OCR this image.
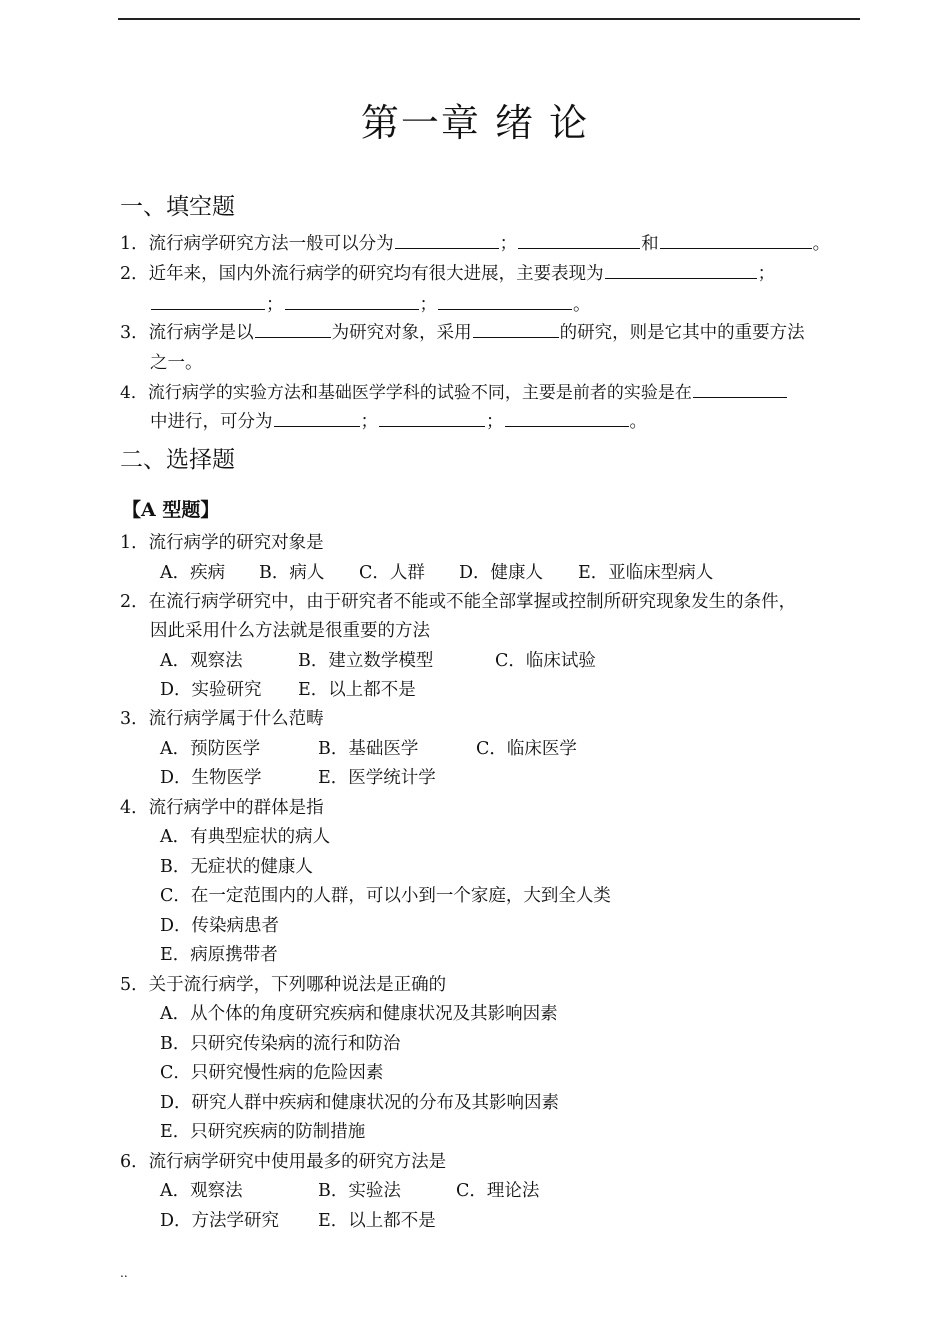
第一章 绪 论
一、填空题
1．流行病学研究方法一般可以分为	；	和	。
2．近年来，国内外流行病学的研究均有很大进展，主要表现为	；
；	；	。
3．流行病学是以	为研究对象，采用	的研究，则是它其中的重要方法
之一。
4．流行病学的实验方法和基础医学学科的试验不同，主要是前者的实验是在
中进行，可分为	；	；	。
二、选择题
【A 型题】
1．流行病学的研究对象是
A．疾病 B．病人 C．人群 D．健康人 E．亚临床型病人
2．在流行病学研究中，由于研究者不能或不能全部掌握或控制所研究现象发生的条件，
因此采用什么方法就是很重要的方法
A．观察法	B．建立数学模型	C．临床试验
D．实验研究 E．以上都不是
3．流行病学属于什么范畴
A．预防医学	B．基础医学	C．临床医学
D．生物医学	E．医学统计学
4．流行病学中的群体是指
A．有典型症状的病人
B．无症状的健康人
C．在一定范围内的人群，可以小到一个家庭，大到全人类
D．传染病患者
E．病原携带者
5．关于流行病学，下列哪种说法是正确的
A．从个体的角度研究疾病和健康状况及其影响因素
B．只研究传染病的流行和防治
C．只研究慢性病的危险因素
D．研究人群中疾病和健康状况的分布及其影响因素
E．只研究疾病的防制措施
6．流行病学研究中使用最多的研究方法是
A．观察法	B．实验法	C．理论法
D．方法学研究 E．以上都不是
..
